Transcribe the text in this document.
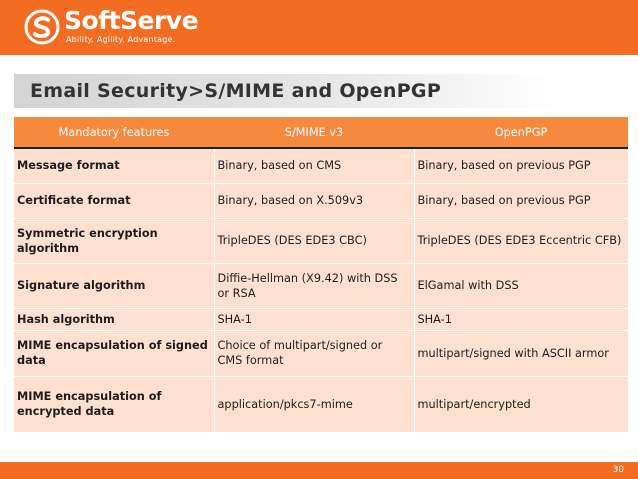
SoftServe
Ability. Agility. Advantage.
Email Security>S/MIME and OpenPGP
Mandatory features	S/MIME v3	OpenPGP
Message format	Binary, based on CMS	Binary, based on previous PGP
Certificate format	Binary, based on X.509v3	Binary, based on previous PGP
Symmetric encryption algorithm	TripleDES (DES EDE3 CBC)	TripleDES (DES EDE3 Eccentric CFB)
Signature algorithm	Diffie-Hellman (X9.42) with DSS or RSA	ElGamal with DSS
Hash algorithm	SHA-1	SHA-1
MIME encapsulation of signed data	Choice of multipart/signed or CMS format	multipart/signed with ASCII armor
MIME encapsulation of encrypted data	application/pkcs7-mime	multipart/encrypted
30
